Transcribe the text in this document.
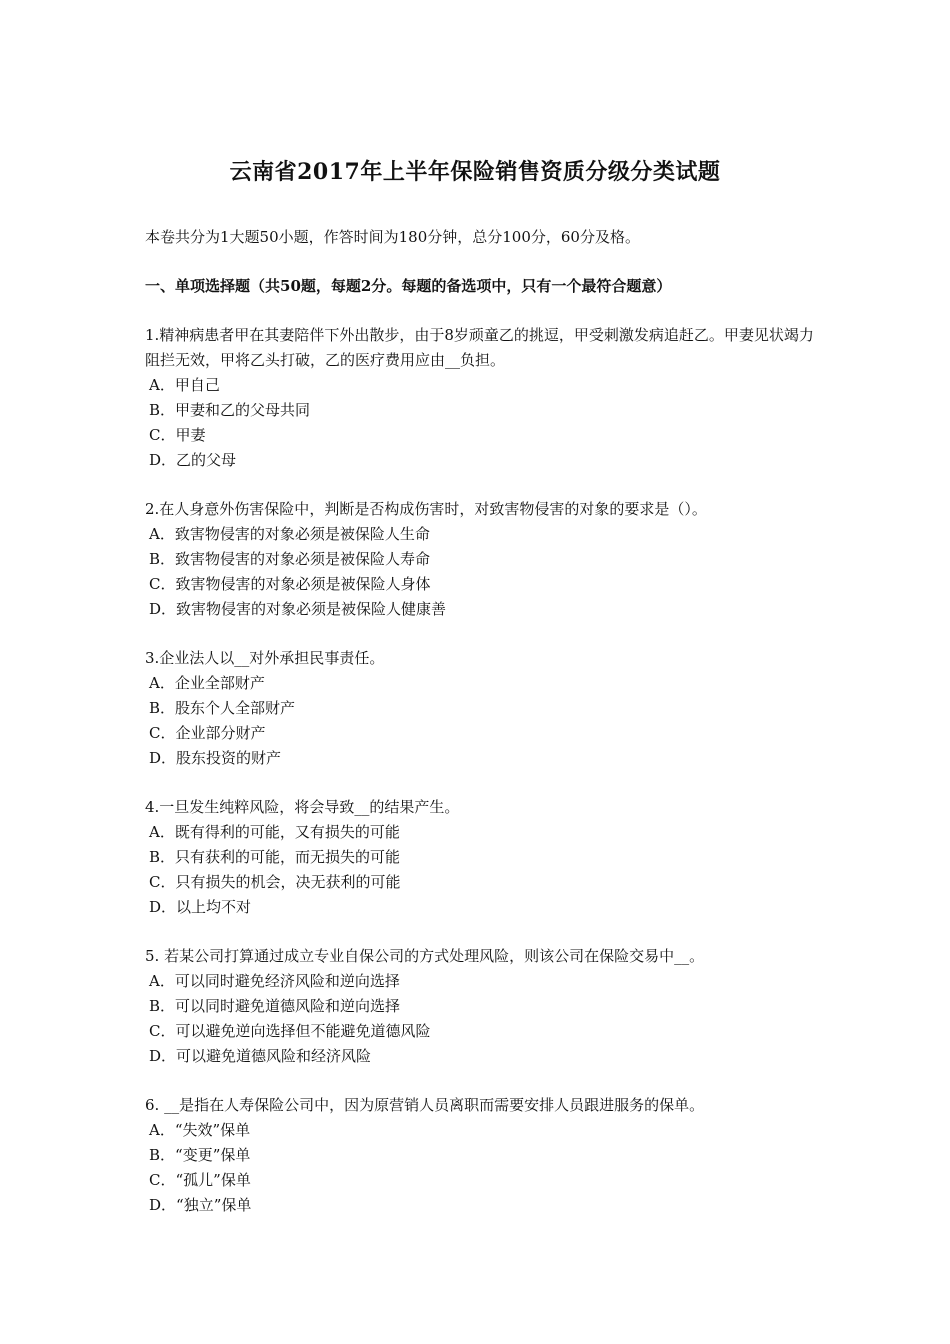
云南省2017年上半年保险销售资质分级分类试题
本卷共分为1大题50小题，作答时间为180分钟，总分100分，60分及格。
一、单项选择题（共50题，每题2分。每题的备选项中，只有一个最符合题意）
1.精神病患者甲在其妻陪伴下外出散步，由于8岁顽童乙的挑逗，甲受刺激发病追赶乙。甲妻见状竭力阻拦无效，甲将乙头打破，乙的医疗费用应由__负担。
A．甲自己
B．甲妻和乙的父母共同
C．甲妻
D．乙的父母
2.在人身意外伤害保险中，判断是否构成伤害时，对致害物侵害的对象的要求是（）。
A．致害物侵害的对象必须是被保险人生命
B．致害物侵害的对象必须是被保险人寿命
C．致害物侵害的对象必须是被保险人身体
D．致害物侵害的对象必须是被保险人健康善
3.企业法人以__对外承担民事责任。
A．企业全部财产
B．股东个人全部财产
C．企业部分财产
D．股东投资的财产
4.一旦发生纯粹风险，将会导致__的结果产生。
A．既有得利的可能，又有损失的可能
B．只有获利的可能，而无损失的可能
C．只有损失的机会，决无获利的可能
D．以上均不对
5. 若某公司打算通过成立专业自保公司的方式处理风险，则该公司在保险交易中__。
A．可以同时避免经济风险和逆向选择
B．可以同时避免道德风险和逆向选择
C．可以避免逆向选择但不能避免道德风险
D．可以避免道德风险和经济风险
6. __是指在人寿保险公司中，因为原营销人员离职而需要安排人员跟进服务的保单。
A．“失效”保单
B．“变更”保单
C．“孤儿”保单
D．“独立”保单
